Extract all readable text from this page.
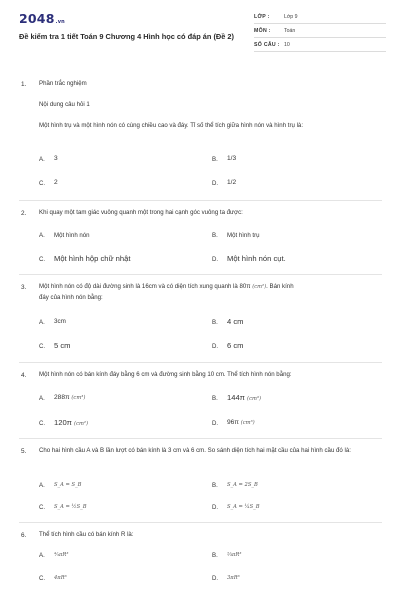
2048.vn
Đề kiểm tra 1 tiết Toán 9 Chương 4 Hình học có đáp án (Đề 2)
LỚP :	Lớp 9
MÔN :	Toán
SỐ CÂU : 10
1. Phần trắc nghiệm
Nội dung câu hỏi 1
Một hình trụ và một hình nón có cùng chiều cao và đáy. Tỉ số thể tích giữa hình nón và hình trụ là:
A. 3	B. 1/3
C. 2	D. 1/2
2. Khi quay một tam giác vuông quanh một trong hai cạnh góc vuông ta được:
A. Một hình nón	B. Một hình trụ
C. Một hình hộp chữ nhật	D. Một hình nón cụt.
3. Một hình nón có độ dài đường sinh là 16cm và có diện tích xung quanh là 80π (cm²). Bán kính
đáy của hình nón bằng:
A. 3cm	B. 4 cm
C. 5 cm	D. 6 cm
4. Một hình nón có bán kính đáy bằng 6 cm và đường sinh bằng 10 cm. Thể tích hình nón bằng:
A. 288π (cm³)	B. 144π (cm³)
C. 120π (cm²)	D. 96π (cm³)
5. Cho hai hình cầu A và B lần lượt có bán kính là 3 cm và 6 cm. So sánh diện tích hai mặt cầu của hai hình cầu đó là:
A. S_A = S_B	B. S_A = 2S_B
C. S_A = ½S_B	D. S_A = ¼S_B
6. Thể tích hình cầu có bán kính R là:
A. ⁴⁄₃πR³	B. ⅔πR³
C. 4πR³	D. 3πR³
